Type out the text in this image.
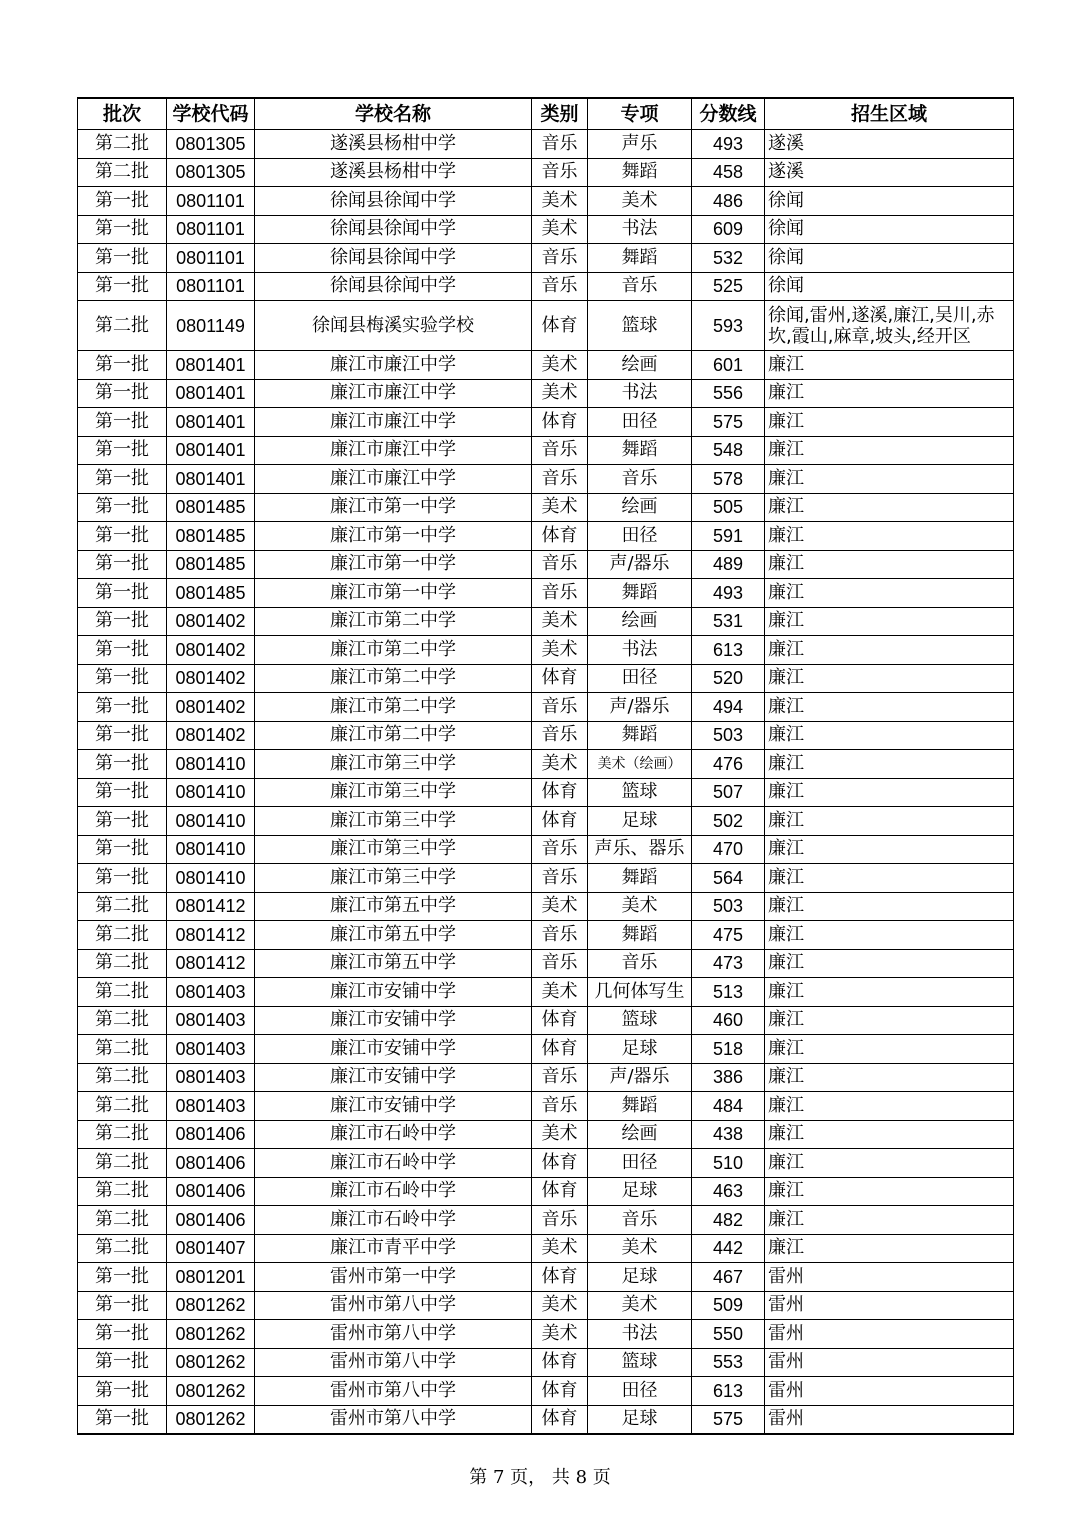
批次	学校代码	学校名称	类别	专项	分数线	招生区域
第二批	0801305	遂溪县杨柑中学	音乐	声乐	493	遂溪
第二批	0801305	遂溪县杨柑中学	音乐	舞蹈	458	遂溪
第一批	0801101	徐闻县徐闻中学	美术	美术	486	徐闻
第一批	0801101	徐闻县徐闻中学	美术	书法	609	徐闻
第一批	0801101	徐闻县徐闻中学	音乐	舞蹈	532	徐闻
第一批	0801101	徐闻县徐闻中学	音乐	音乐	525	徐闻
第二批	0801149	徐闻县梅溪实验学校	体育	篮球	593	徐闻,雷州,遂溪,廉江,吴川,赤坎,霞山,麻章,坡头,经开区
第一批	0801401	廉江市廉江中学	美术	绘画	601	廉江
第一批	0801401	廉江市廉江中学	美术	书法	556	廉江
第一批	0801401	廉江市廉江中学	体育	田径	575	廉江
第一批	0801401	廉江市廉江中学	音乐	舞蹈	548	廉江
第一批	0801401	廉江市廉江中学	音乐	音乐	578	廉江
第一批	0801485	廉江市第一中学	美术	绘画	505	廉江
第一批	0801485	廉江市第一中学	体育	田径	591	廉江
第一批	0801485	廉江市第一中学	音乐	声/器乐	489	廉江
第一批	0801485	廉江市第一中学	音乐	舞蹈	493	廉江
第一批	0801402	廉江市第二中学	美术	绘画	531	廉江
第一批	0801402	廉江市第二中学	美术	书法	613	廉江
第一批	0801402	廉江市第二中学	体育	田径	520	廉江
第一批	0801402	廉江市第二中学	音乐	声/器乐	494	廉江
第一批	0801402	廉江市第二中学	音乐	舞蹈	503	廉江
第一批	0801410	廉江市第三中学	美术	美术（绘画）	476	廉江
第一批	0801410	廉江市第三中学	体育	篮球	507	廉江
第一批	0801410	廉江市第三中学	体育	足球	502	廉江
第一批	0801410	廉江市第三中学	音乐	声乐、器乐	470	廉江
第一批	0801410	廉江市第三中学	音乐	舞蹈	564	廉江
第二批	0801412	廉江市第五中学	美术	美术	503	廉江
第二批	0801412	廉江市第五中学	音乐	舞蹈	475	廉江
第二批	0801412	廉江市第五中学	音乐	音乐	473	廉江
第二批	0801403	廉江市安铺中学	美术	几何体写生	513	廉江
第二批	0801403	廉江市安铺中学	体育	篮球	460	廉江
第二批	0801403	廉江市安铺中学	体育	足球	518	廉江
第二批	0801403	廉江市安铺中学	音乐	声/器乐	386	廉江
第二批	0801403	廉江市安铺中学	音乐	舞蹈	484	廉江
第二批	0801406	廉江市石岭中学	美术	绘画	438	廉江
第二批	0801406	廉江市石岭中学	体育	田径	510	廉江
第二批	0801406	廉江市石岭中学	体育	足球	463	廉江
第二批	0801406	廉江市石岭中学	音乐	音乐	482	廉江
第二批	0801407	廉江市青平中学	美术	美术	442	廉江
第一批	0801201	雷州市第一中学	体育	足球	467	雷州
第一批	0801262	雷州市第八中学	美术	美术	509	雷州
第一批	0801262	雷州市第八中学	美术	书法	550	雷州
第一批	0801262	雷州市第八中学	体育	篮球	553	雷州
第一批	0801262	雷州市第八中学	体育	田径	613	雷州
第一批	0801262	雷州市第八中学	体育	足球	575	雷州
第 7 页， 共 8 页
